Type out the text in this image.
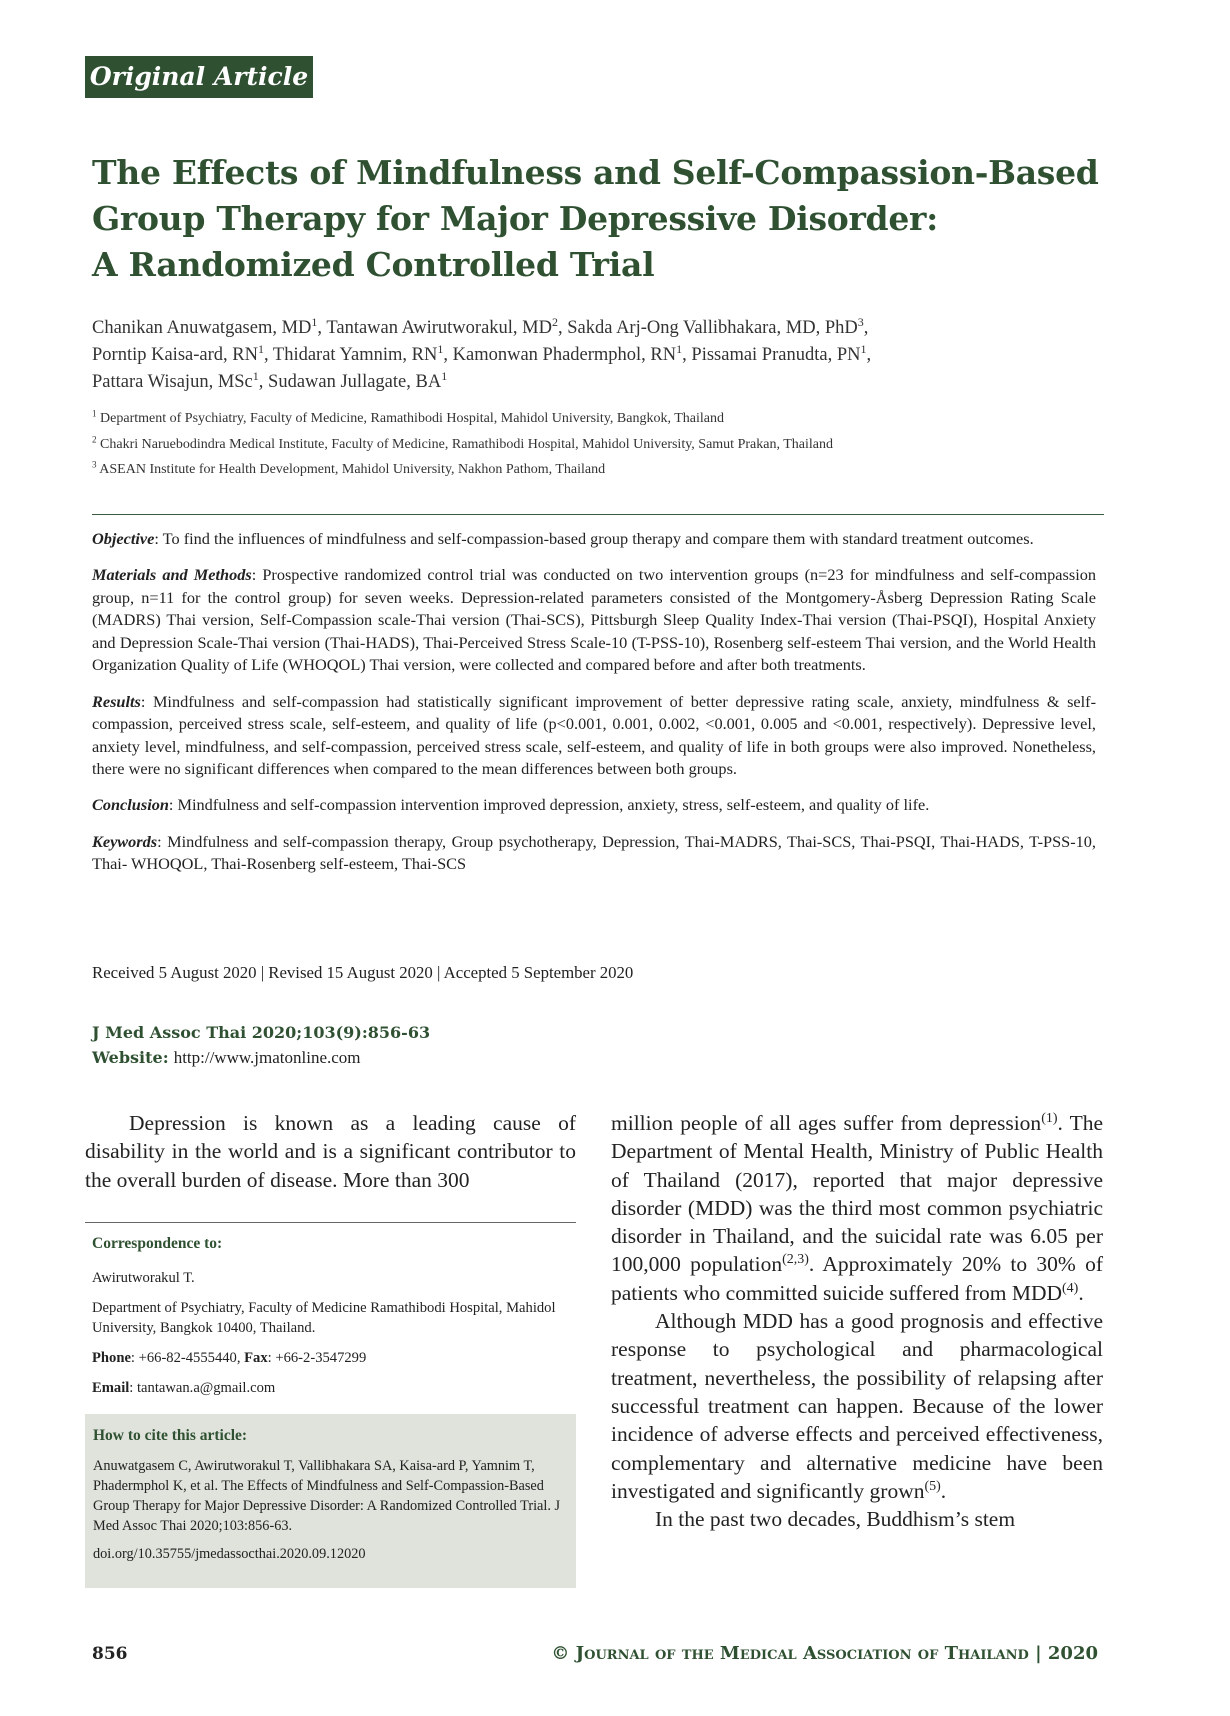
Original Article
The Effects of Mindfulness and Self-Compassion-Based
Group Therapy for Major Depressive Disorder:
A Randomized Controlled Trial
Chanikan Anuwatgasem, $MD^1$, Tantawan Awirutworakul, $MD^2$, Sakda Arj-Ong Vallibhakara, MD, PhD$^3$,
Porntip Kaisa-ard, $RN^1$, Thidarat Yamnim, $RN^1$, Kamonwan Phadermphol, $RN^1$, Pissamai Pranudta, $PN^1$,
Pattara Wisajun, MSc$^1$, Sudawan Jullagate, $BA^1$
$^1$ Department of Psychiatry, Faculty of Medicine, Ramathibodi Hospital, Mahidol University, Bangkok, Thailand
$^2$ Chakri Naruebodindra Medical Institute, Faculty of Medicine, Ramathibodi Hospital, Mahidol University, Samut Prakan, Thailand
$^3$ ASEAN Institute for Health Development, Mahidol University, Nakhon Pathom, Thailand

Objective: To find the influences of mindfulness and self-compassion-based group therapy and compare them with standard treatment outcomes.

Materials and Methods: Prospective randomized control trial was conducted on two intervention groups (n=23 for mindfulness and self-compassion group, n=11 for the control group) for seven weeks. Depression-related parameters consisted of the Montgomery-Åsberg Depression Rating Scale (MADRS) Thai version, Self-Compassion scale-Thai version (Thai-SCS), Pittsburgh Sleep Quality Index-Thai version (Thai-PSQI), Hospital Anxiety and Depression Scale-Thai version (Thai-HADS), Thai-Perceived Stress Scale-10 (T-PSS-10), Rosenberg self-esteem Thai version, and the World Health Organization Quality of Life (WHOQOL) Thai version, were collected and compared before and after both treatments.

Results: Mindfulness and self-compassion had statistically significant improvement of better depressive rating scale, anxiety, mindfulness & self-compassion, perceived stress scale, self-esteem, and quality of life (p<0.001, 0.001, 0.002, <0.001, 0.005 and <0.001, respectively). Depressive level, anxiety level, mindfulness, and self-compassion, perceived stress scale, self-esteem, and quality of life in both groups were also improved. Nonetheless, there were no significant differences when compared to the mean differences between both groups.

Conclusion: Mindfulness and self-compassion intervention improved depression, anxiety, stress, self-esteem, and quality of life.

Keywords: Mindfulness and self-compassion therapy, Group psychotherapy, Depression, Thai-MADRS, Thai-SCS, Thai-PSQI, Thai-HADS, T-PSS-10, Thai- WHOQOL, Thai-Rosenberg self-esteem, Thai-SCS

Received 5 August 2020 | Revised 15 August 2020 | Accepted 5 September 2020
J Med Assoc Thai 2020;103(9):856-63
Website: http://www.jmatonline.com

Depression is known as a leading cause of disability in the world and is a significant contributor to the overall burden of disease. More than 300

Correspondence to:
Awirutworakul T.
Department of Psychiatry, Faculty of Medicine Ramathibodi Hospital, Mahidol University, Bangkok 10400, Thailand.
Phone: +66-82-4555440, Fax: +66-2-3547299
Email: tantawan.a@gmail.com
How to cite this article:
Anuwatgasem C, Awirutworakul T, Vallibhakara SA, Kaisa-ard P, Yamnim T, Phadermphol K, et al. The Effects of Mindfulness and Self-Compassion-Based Group Therapy for Major Depressive Disorder: A Randomized Controlled Trial. J Med Assoc Thai 2020;103:856-63.
doi.org/10.35755/jmedassocthai.2020.09.12020

million people of all ages suffer from depression$^{(1)}$. The Department of Mental Health, Ministry of Public Health of Thailand (2017), reported that major depressive disorder (MDD) was the third most common psychiatric disorder in Thailand, and the suicidal rate was 6.05 per 100,000 population$^{(2,3)}$. Approximately 20% to 30% of patients who committed suicide suffered from MDD$^{(4)}$.

Although MDD has a good prognosis and effective response to psychological and pharmacological treatment, nevertheless, the possibility of relapsing after successful treatment can happen. Because of the lower incidence of adverse effects and perceived effectiveness, complementary and alternative medicine have been investigated and significantly grown$^{(5)}$.

In the past two decades, Buddhism’s stem

856	© Journal of the Medical Association of Thailand | 2020
